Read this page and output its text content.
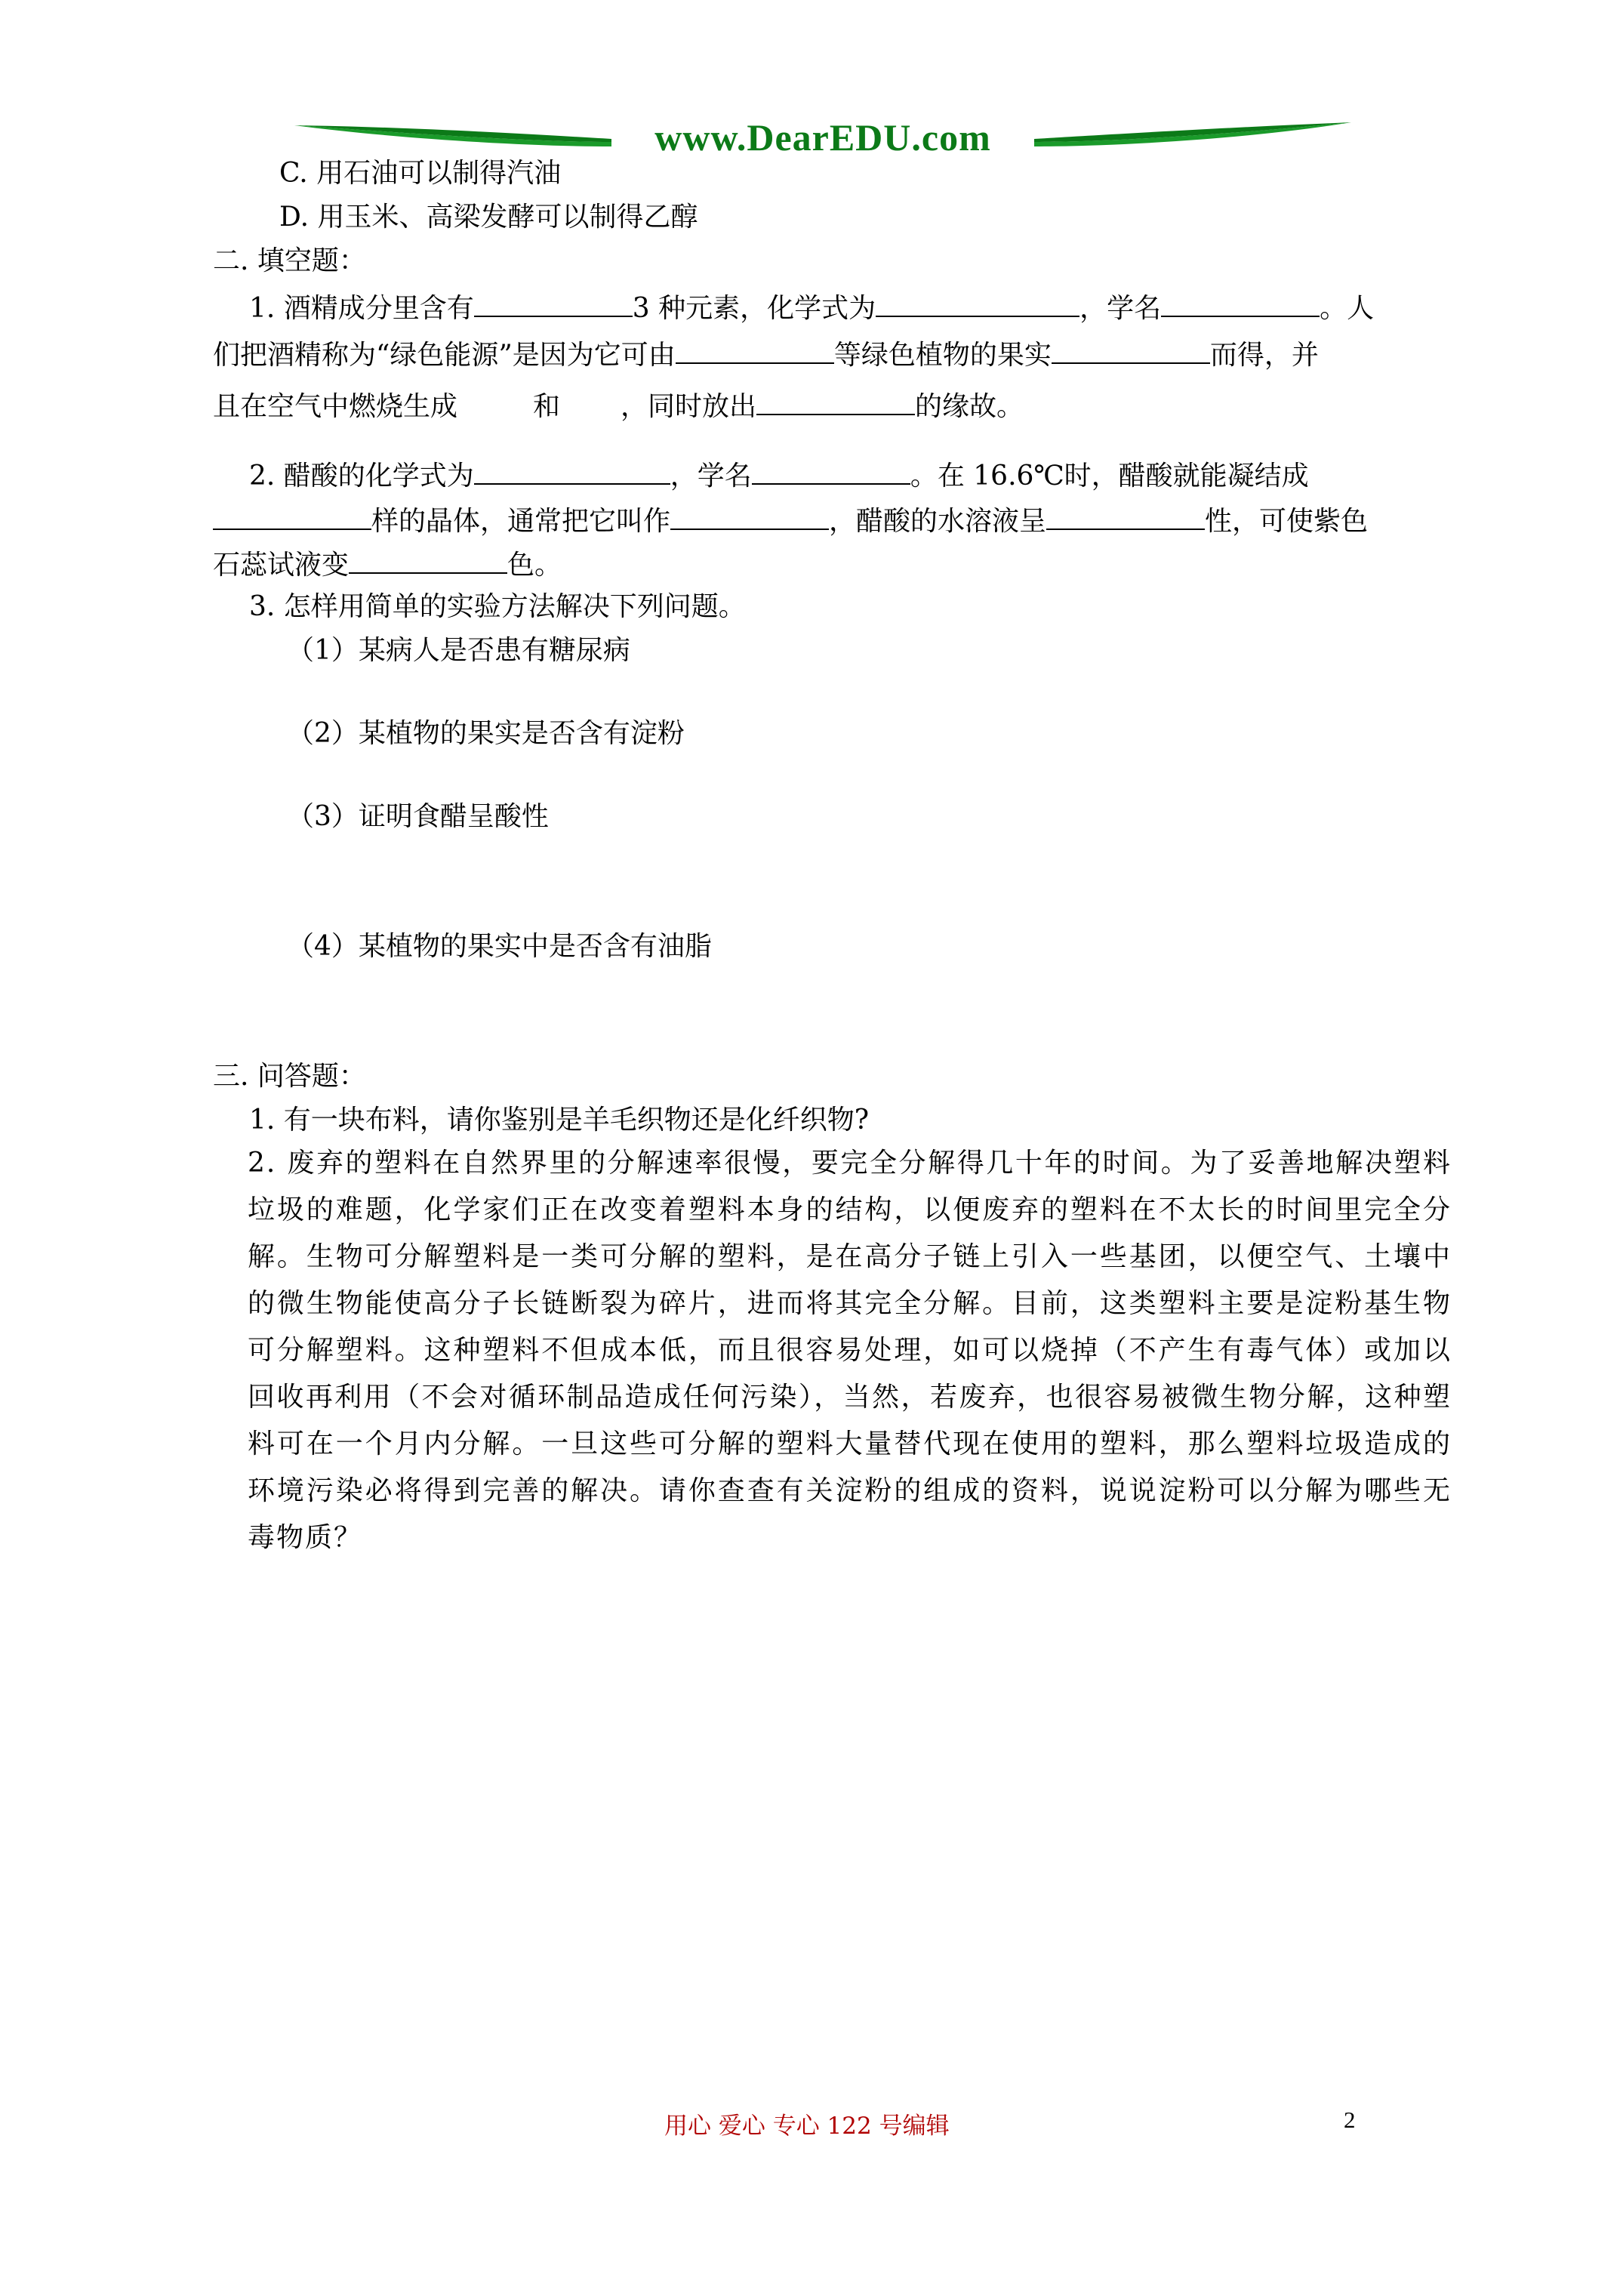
www.DearEDU.com
C. 用石油可以制得汽油
D. 用玉米、高梁发酵可以制得乙醇
二. 填空题：
1. 酒精成分里含有	3 种元素，化学式为	，学名	。人
们把酒精称为“绿色能源”是因为它可由	等绿色植物的果实	而得，并
且在空气中燃烧生成	和 ，同时放出	的缘故。
2. 醋酸的化学式为	，学名	。在 16.6℃时，醋酸就能凝结成
样的晶体，通常把它叫作	，醋酸的水溶液呈	性，可使紫色
石蕊试液变	色。
3. 怎样用简单的实验方法解决下列问题。
（1）某病人是否患有糖尿病
（2）某植物的果实是否含有淀粉
（3）证明食醋呈酸性
（4）某植物的果实中是否含有油脂
三. 问答题：
1. 有一块布料，请你鉴别是羊毛织物还是化纤织物?
2. 废弃的塑料在自然界里的分解速率很慢，要完全分解得几十年的时间。为了妥善地解决塑料垃圾的难题，化学家们正在改变着塑料本身的结构，以便废弃的塑料在不太长的时间里完全分解。生物可分解塑料是一类可分解的塑料，是在高分子链上引入一些基团，以便空气、土壤中的微生物能使高分子长链断裂为碎片，进而将其完全分解。目前，这类塑料主要是淀粉基生物可分解塑料。这种塑料不但成本低，而且很容易处理，如可以烧掉（不产生有毒气体）或加以回收再利用（不会对循环制品造成任何污染），当然，若废弃，也很容易被微生物分解，这种塑料可在一个月内分解。一旦这些可分解的塑料大量替代现在使用的塑料，那么塑料垃圾造成的环境污染必将得到完善的解决。请你查查有关淀粉的组成的资料，说说淀粉可以分解为哪些无毒物质？
用心 爱心 专心 122 号编辑	2
